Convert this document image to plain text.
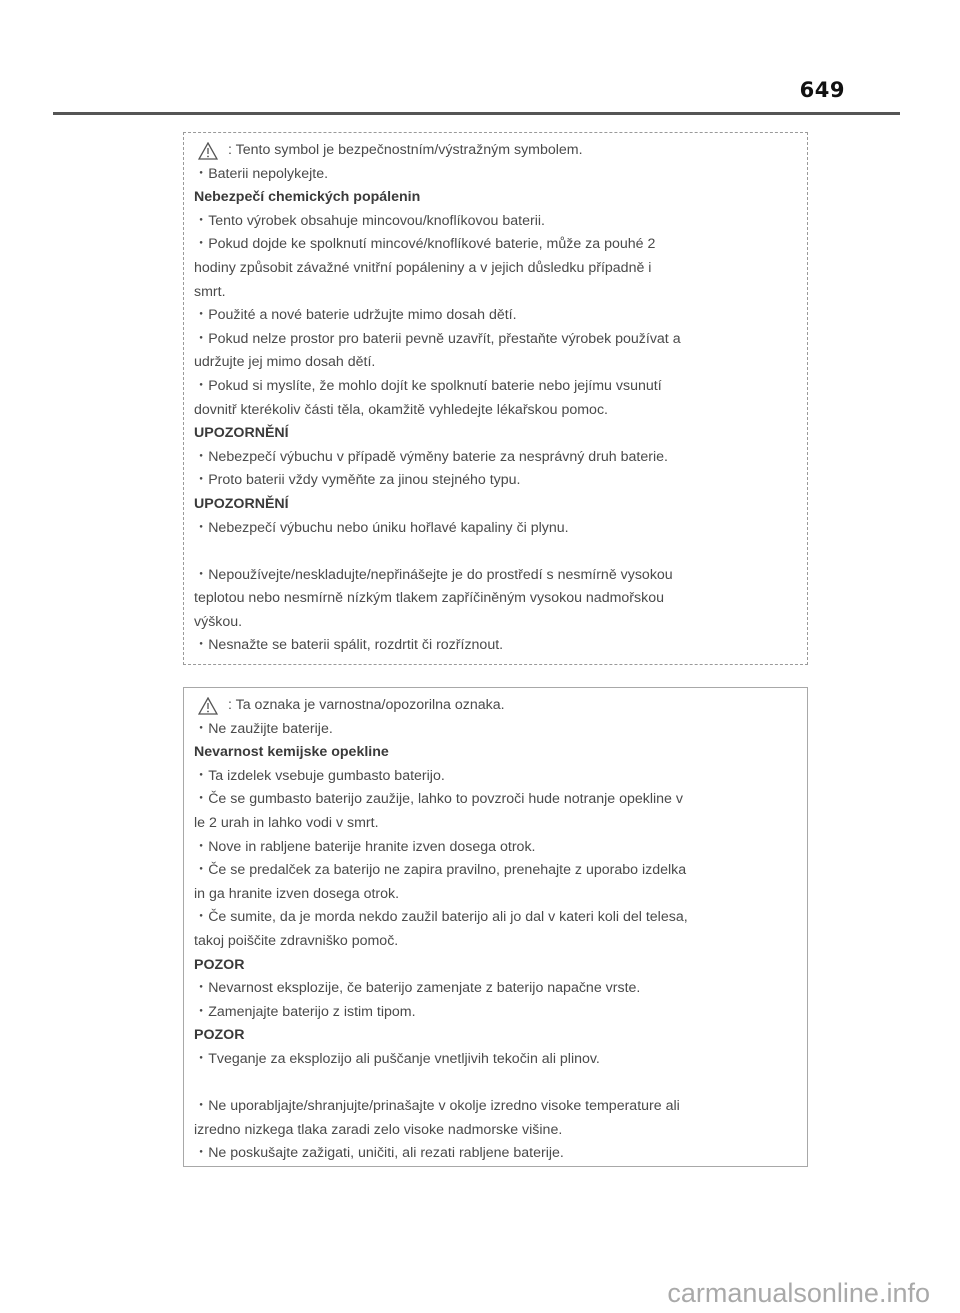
649
: Tento symbol je bezpečnostním/výstražným symbolem.
・Baterii nepolykejte.
Nebezpečí chemických popálenin
・Tento výrobek obsahuje mincovou/knoflíkovou baterii.
・Pokud dojde ke spolknutí mincové/knoflíkové baterie, může za pouhé 2
hodiny způsobit závažné vnitřní popáleniny a v jejich důsledku případně i
smrt.
・Použité a nové baterie udržujte mimo dosah dětí.
・Pokud nelze prostor pro baterii pevně uzavřít, přestaňte výrobek používat a
udržujte jej mimo dosah dětí.
・Pokud si myslíte, že mohlo dojít ke spolknutí baterie nebo jejímu vsunutí
dovnitř kterékoliv části těla, okamžitě vyhledejte lékařskou pomoc.
UPOZORNĚNÍ
・Nebezpečí výbuchu v případě výměny baterie za nesprávný druh baterie.
・Proto baterii vždy vyměňte za jinou stejného typu.
UPOZORNĚNÍ
・Nebezpečí výbuchu nebo úniku hořlavé kapaliny či plynu.
・Nepoužívejte/neskladujte/nepřinášejte je do prostředí s nesmírně vysokou
teplotou nebo nesmírně nízkým tlakem zapříčiněným vysokou nadmořskou
výškou.
・Nesnažte se baterii spálit, rozdrtit či rozříznout.
: Ta oznaka je varnostna/opozorilna oznaka.
・Ne zaužijte baterije.
Nevarnost kemijske opekline
・Ta izdelek vsebuje gumbasto baterijo.
・Če se gumbasto baterijo zaužije, lahko to povzroči hude notranje opekline v
le 2 urah in lahko vodi v smrt.
・Nove in rabljene baterije hranite izven dosega otrok.
・Če se predalček za baterijo ne zapira pravilno, prenehajte z uporabo izdelka
in ga hranite izven dosega otrok.
・Če sumite, da je morda nekdo zaužil baterijo ali jo dal v kateri koli del telesa,
takoj poiščite zdravniško pomoč.
POZOR
・Nevarnost eksplozije, če baterijo zamenjate z baterijo napačne vrste.
・Zamenjajte baterijo z istim tipom.
POZOR
・Tveganje za eksplozijo ali puščanje vnetljivih tekočin ali plinov.
・Ne uporabljajte/shranjujte/prinašajte v okolje izredno visoke temperature ali
izredno nizkega tlaka zaradi zelo visoke nadmorske višine.
・Ne poskušajte zažigati, uničiti, ali rezati rabljene baterije.
carmanualsonline.info
